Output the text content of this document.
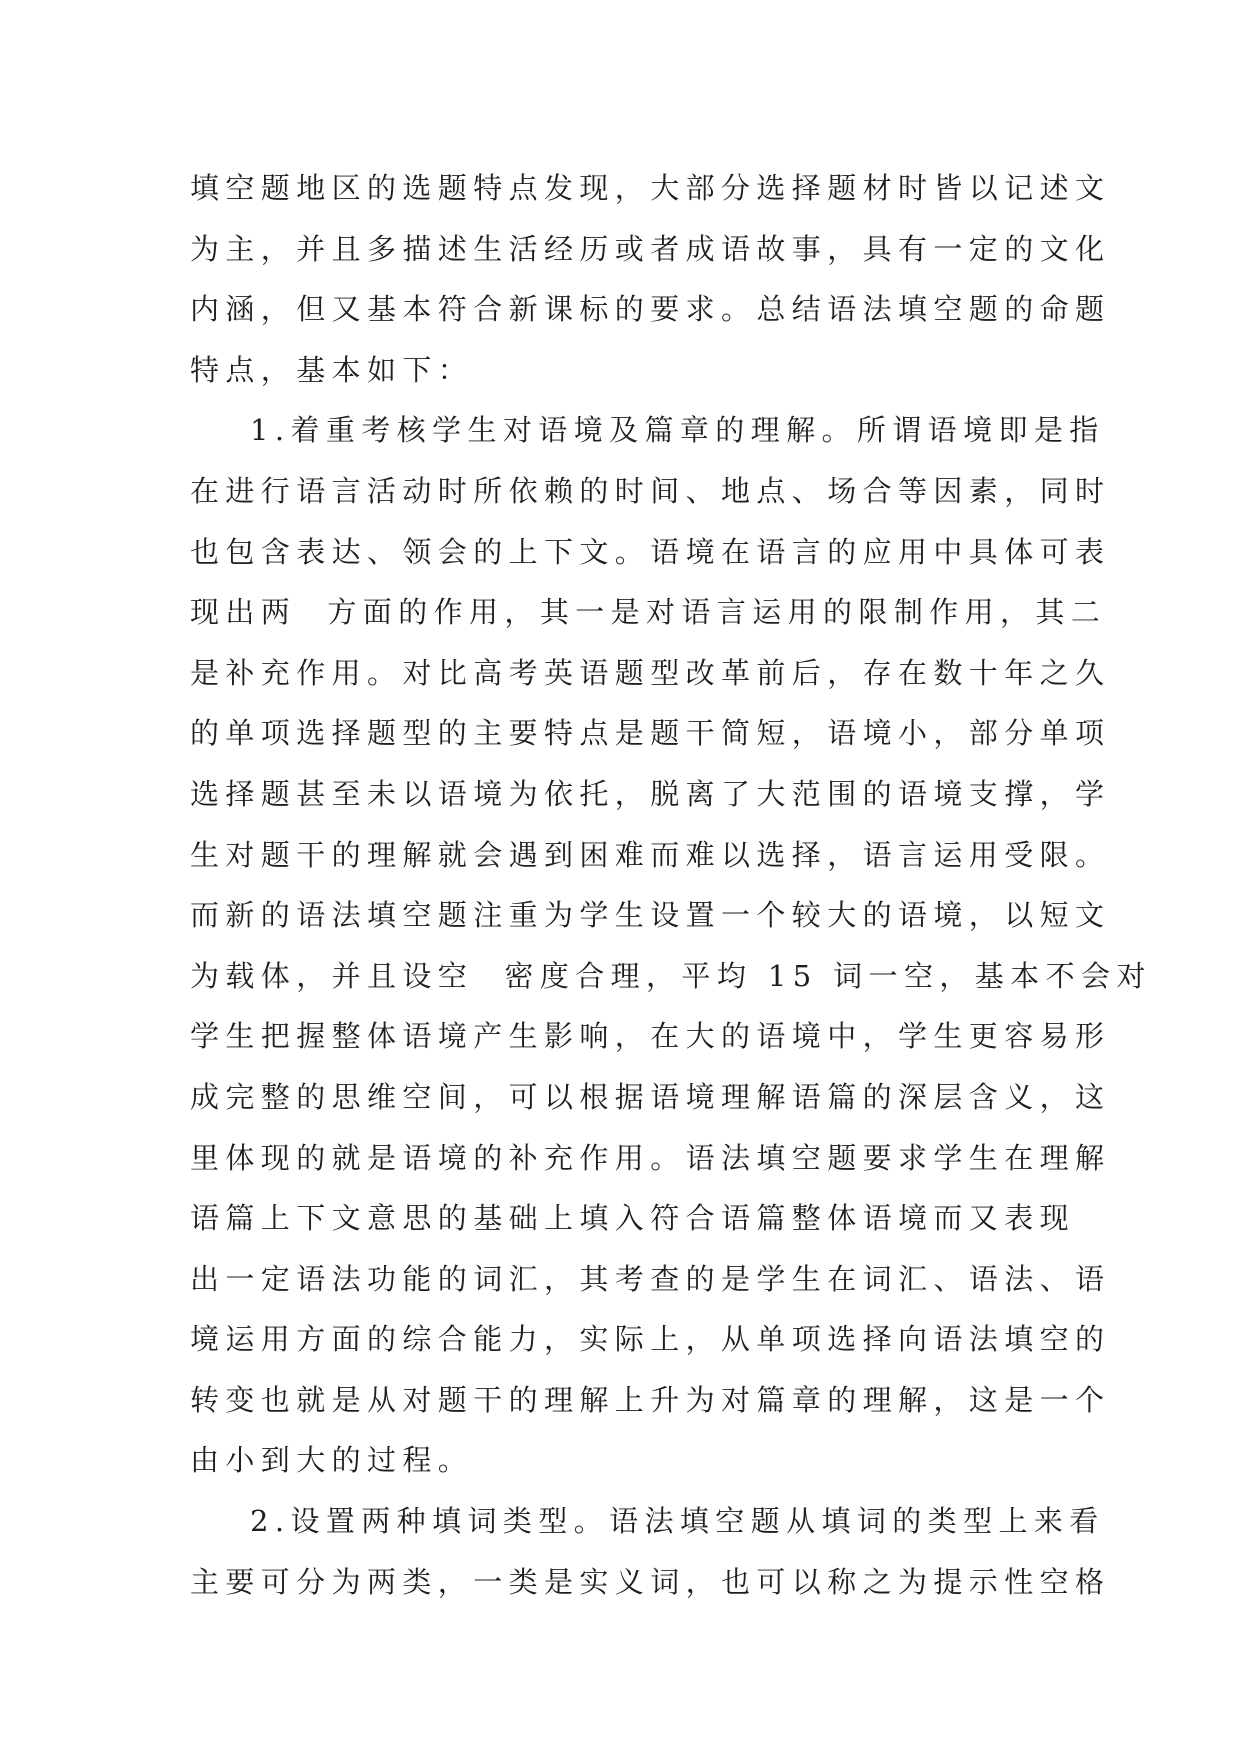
填空题地区的选题特点发现，大部分选择题材时皆以记述文
为主，并且多描述生活经历或者成语故事，具有一定的文化
内涵，但又基本符合新课标的要求。总结语法填空题的命题
特点，基本如下：
1.着重考核学生对语境及篇章的理解。所谓语境即是指
在进行语言活动时所依赖的时间、地点、场合等因素，同时
也包含表达、领会的上下文。语境在语言的应用中具体可表
现出两  方面的作用，其一是对语言运用的限制作用，其二
是补充作用。对比高考英语题型改革前后，存在数十年之久
的单项选择题型的主要特点是题干简短，语境小，部分单项
选择题甚至未以语境为依托，脱离了大范围的语境支撑，学
生对题干的理解就会遇到困难而难以选择，语言运用受限。
而新的语法填空题注重为学生设置一个较大的语境，以短文
为载体，并且设空  密度合理，平均 15 词一空，基本不会对
学生把握整体语境产生影响，在大的语境中，学生更容易形
成完整的思维空间，可以根据语境理解语篇的深层含义，这
里体现的就是语境的补充作用。语法填空题要求学生在理解
语篇上下文意思的基础上填入符合语篇整体语境而又表现
出一定语法功能的词汇，其考查的是学生在词汇、语法、语
境运用方面的综合能力，实际上，从单项选择向语法填空的
转变也就是从对题干的理解上升为对篇章的理解，这是一个
由小到大的过程。
2.设置两种填词类型。语法填空题从填词的类型上来看
主要可分为两类，一类是实义词，也可以称之为提示性空格
